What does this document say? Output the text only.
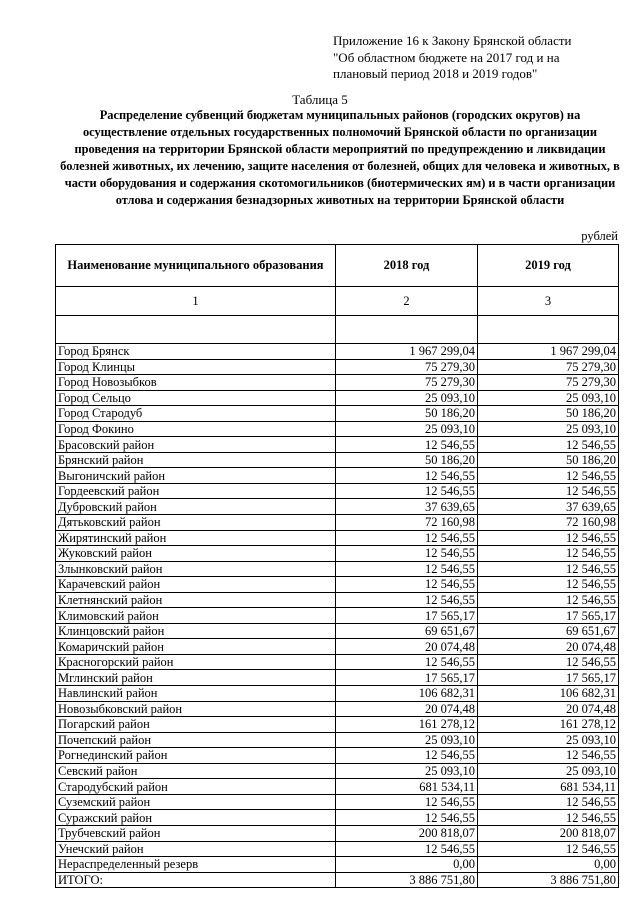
Приложение 16 к Закону Брянской области
"Об областном бюджете на 2017 год и на
плановый период 2018 и 2019 годов"
Таблица 5
Распределение субвенций бюджетам муниципальных районов (городских округов) на осуществление отдельных государственных полномочий Брянской области по организации проведения на территории Брянской области мероприятий по предупреждению и ликвидации болезней животных, их лечению, защите населения от болезней, общих для человека и животных, в части оборудования и содержания скотомогильников (биотермических ям) и в части организации отлова и содержания безнадзорных животных на территории Брянской области
рублей
Наименование муниципального образования	2018 год	2019 год
1	2	3

Город Брянск	1 967 299,04	1 967 299,04
Город Клинцы	75 279,30	75 279,30
Город Новозыбков	75 279,30	75 279,30
Город Сельцо	25 093,10	25 093,10
Город Стародуб	50 186,20	50 186,20
Город Фокино	25 093,10	25 093,10
Брасовский район	12 546,55	12 546,55
Брянский район	50 186,20	50 186,20
Выгоничский район	12 546,55	12 546,55
Гордеевский район	12 546,55	12 546,55
Дубровский район	37 639,65	37 639,65
Дятьковский район	72 160,98	72 160,98
Жирятинский район	12 546,55	12 546,55
Жуковский район	12 546,55	12 546,55
Злынковский район	12 546,55	12 546,55
Карачевский район	12 546,55	12 546,55
Клетнянский район	12 546,55	12 546,55
Климовский район	17 565,17	17 565,17
Клинцовский район	69 651,67	69 651,67
Комаричский район	20 074,48	20 074,48
Красногорский район	12 546,55	12 546,55
Мглинский район	17 565,17	17 565,17
Навлинский район	106 682,31	106 682,31
Новозыбковский район	20 074,48	20 074,48
Погарский район	161 278,12	161 278,12
Почепский район	25 093,10	25 093,10
Рогнединский район	12 546,55	12 546,55
Севский район	25 093,10	25 093,10
Стародубский район	681 534,11	681 534,11
Суземский район	12 546,55	12 546,55
Суражский район	12 546,55	12 546,55
Трубчевский район	200 818,07	200 818,07
Унечский район	12 546,55	12 546,55
Нераспределенный резерв	0,00	0,00
ИТОГО:	3 886 751,80	3 886 751,80
